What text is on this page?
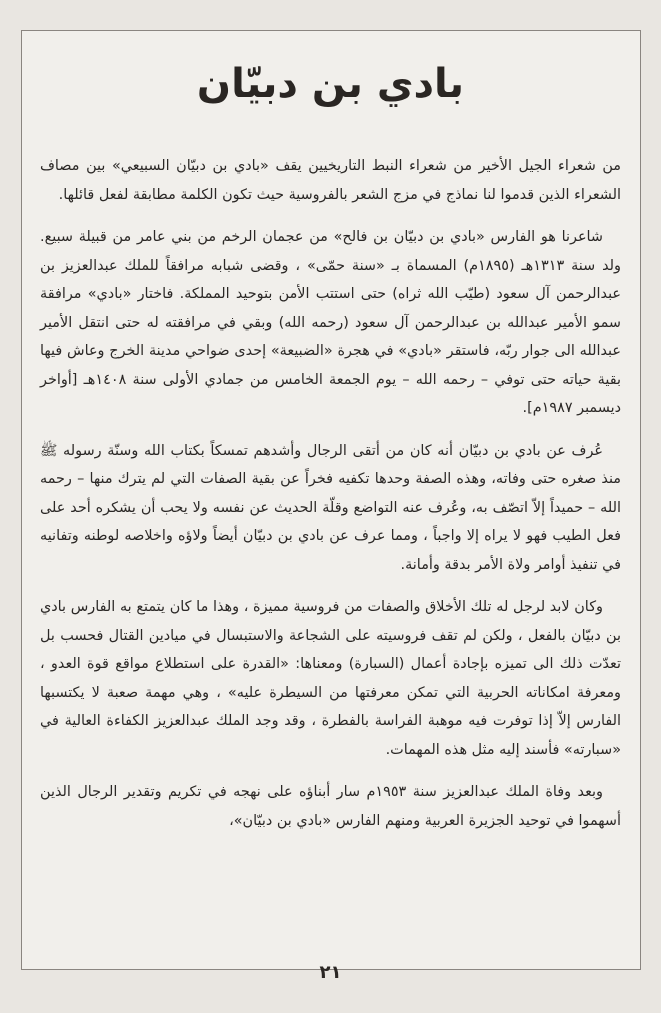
بادي بن دبيّان

من شعراء الجيل الأخير من شعراء النبط التاريخيين يقف «بادي بن دبيّان السبيعي» بين مصاف الشعراء الذين قدموا لنا نماذج في مزج الشعر بالفروسية حيث تكون الكلمة مطابقة لفعل قائلها.

شاعرنا هو الفارس «بادي بن دبيّان بن فالح» من عجمان الرخم من بني عامر من قبيلة سبيع. ولد سنة ١٣١٣هـ (١٨٩٥م) المسماة بـ «سنة حمّى» ، وقضى شبابه مرافقاً للملك عبدالعزيز بن عبدالرحمن آل سعود (طيّب الله ثراه) حتى استتب الأمن بتوحيد المملكة. فاختار «بادي» مرافقة سمو الأمير عبدالله بن عبدالرحمن آل سعود (رحمه الله) وبقي في مرافقته له حتى انتقل الأمير عبدالله الى جوار ربّه، فاستقر «بادي» في هجرة «الضبيعة» إحدى ضواحي مدينة الخرج وعاش فيها بقية حياته حتى توفي – رحمه الله – يوم الجمعة الخامس من جمادي الأولى سنة ١٤٠٨هـ [أواخر ديسمبر ١٩٨٧م].

عُرف عن بادي بن دبيّان أنه كان من أتقى الرجال وأشدهم تمسكاً بكتاب الله وسنّة رسوله ﷺ منذ صغره حتى وفاته، وهذه الصفة وحدها تكفيه فخراً عن بقية الصفات التي لم يترك منها – رحمه الله – حميداً إلاّ اتصّف به، وعُرف عنه التواضع وقلّة الحديث عن نفسه ولا يحب أن يشكره أحد على فعل الطيب فهو لا يراه إلا واجباً ، ومما عرف عن بادي بن دبيّان أيضاً ولاؤه واخلاصه لوطنه وتفانيه في تنفيذ أوامر ولاة الأمر بدقة وأمانة.

وكان لابد لرجل له تلك الأخلاق والصفات من فروسية مميزة ، وهذا ما كان يتمتع به الفارس بادي بن دبيّان بالفعل ، ولكن لم تقف فروسيته على الشجاعة والاستبسال في ميادين القتال فحسب بل تعدّت ذلك الى تميزه بإجادة أعمال (السبارة) ومعناها: «القدرة على استطلاع مواقع قوة العدو ، ومعرفة امكاناته الحربية التي تمكن معرفتها من السيطرة عليه» ، وهي مهمة صعبة لا يكتسبها الفارس إلاّ إذا توفرت فيه موهبة الفراسة بالفطرة ، وقد وجد الملك عبدالعزيز الكفاءة العالية في «سبارته» فأسند إليه مثل هذه المهمات.

وبعد وفاة الملك عبدالعزيز سنة ١٩٥٣م سار أبناؤه على نهجه في تكريم وتقدير الرجال الذين أسهموا في توحيد الجزيرة العربية ومنهم الفارس «بادي بن دبيّان»،

٢١
